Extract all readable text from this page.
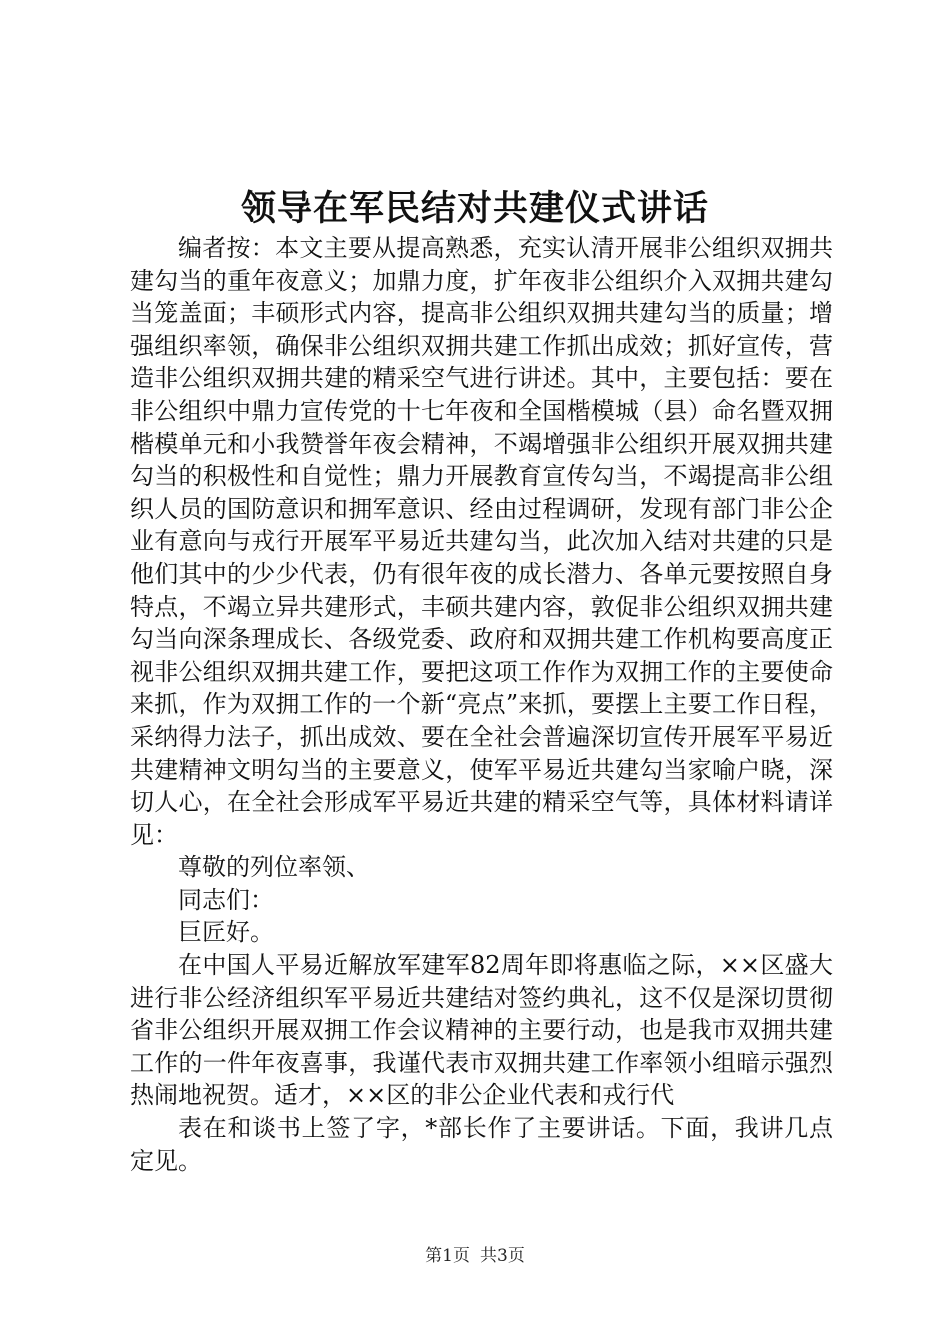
领导在军民结对共建仪式讲话

编者按：本文主要从提高熟悉，充实认清开展非公组织双拥共建勾当的重年夜意义；加鼎力度，扩年夜非公组织介入双拥共建勾当笼盖面；丰硕形式内容，提高非公组织双拥共建勾当的质量；增强组织率领，确保非公组织双拥共建工作抓出成效；抓好宣传，营造非公组织双拥共建的精采空气进行讲述。其中，主要包括：要在非公组织中鼎力宣传党的十七年夜和全国楷模城（县）命名暨双拥楷模单元和小我赞誉年夜会精神，不竭增强非公组织开展双拥共建勾当的积极性和自觉性；鼎力开展教育宣传勾当，不竭提高非公组织人员的国防意识和拥军意识、经由过程调研，发现有部门非公企业有意向与戎行开展军平易近共建勾当，此次加入结对共建的只是他们其中的少少代表，仍有很年夜的成长潜力、各单元要按照自身特点，不竭立异共建形式，丰硕共建内容，敦促非公组织双拥共建勾当向深条理成长、各级党委、政府和双拥共建工作机构要高度正视非公组织双拥共建工作，要把这项工作作为双拥工作的主要使命来抓，作为双拥工作的一个新“亮点”来抓，要摆上主要工作日程，采纳得力法子，抓出成效、要在全社会普遍深切宣传开展军平易近共建精神文明勾当的主要意义，使军平易近共建勾当家喻户晓，深切人心，在全社会形成军平易近共建的精采空气等，具体材料请详见：

尊敬的列位率领、

同志们：

巨匠好。

在中国人平易近解放军建军82周年即将惠临之际，××区盛大进行非公经济组织军平易近共建结对签约典礼，这不仅是深切贯彻省非公组织开展双拥工作会议精神的主要行动，也是我市双拥共建工作的一件年夜喜事，我谨代表市双拥共建工作率领小组暗示强烈热闹地祝贺。适才，××区的非公企业代表和戎行代

表在和谈书上签了字，*部长作了主要讲话。下面，我讲几点定见。

第1页 共3页
